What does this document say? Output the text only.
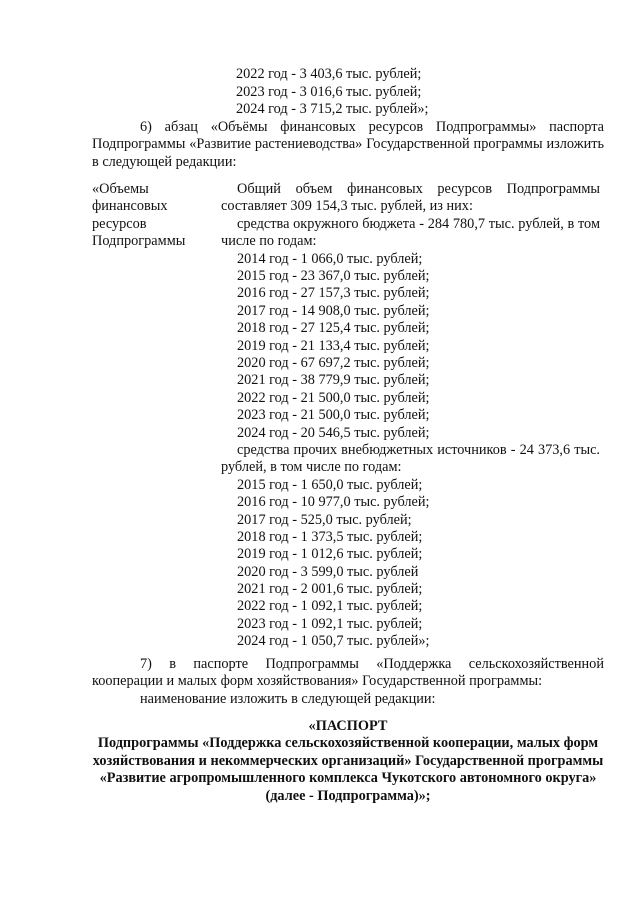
2022 год - 3 403,6 тыс. рублей;
2023 год - 3 016,6 тыс. рублей;
2024 год - 3 715,2 тыс. рублей»;
6) абзац «Объёмы финансовых ресурсов Подпрограммы» паспорта Подпрограммы «Развитие растениеводства» Государственной программы изложить в следующей редакции:
«Объемы
финансовых
ресурсов
Подпрограммы
Общий объем финансовых ресурсов Подпрограммы составляет 309 154,3 тыс. рублей, из них:
средства окружного бюджета - 284 780,7 тыс. рублей, в том числе по годам:
2014 год - 1 066,0 тыс. рублей;
2015 год - 23 367,0 тыс. рублей;
2016 год - 27 157,3 тыс. рублей;
2017 год - 14 908,0 тыс. рублей;
2018 год - 27 125,4 тыс. рублей;
2019 год - 21 133,4 тыс. рублей;
2020 год - 67 697,2 тыс. рублей;
2021 год - 38 779,9 тыс. рублей;
2022 год - 21 500,0 тыс. рублей;
2023 год - 21 500,0 тыс. рублей;
2024 год - 20 546,5 тыс. рублей;
средства прочих внебюджетных источников - 24 373,6 тыс. рублей, в том числе по годам:
2015 год - 1 650,0 тыс. рублей;
2016 год - 10 977,0 тыс. рублей;
2017 год - 525,0 тыс. рублей;
2018 год - 1 373,5 тыс. рублей;
2019 год - 1 012,6 тыс. рублей;
2020 год - 3 599,0 тыс. рублей
2021 год - 2 001,6 тыс. рублей;
2022 год - 1 092,1 тыс. рублей;
2023 год - 1 092,1 тыс. рублей;
2024 год - 1 050,7 тыс. рублей»;
7) в паспорте Подпрограммы «Поддержка сельскохозяйственной кооперации и малых форм хозяйствования» Государственной программы:
наименование изложить в следующей редакции:
«ПАСПОРТ
Подпрограммы «Поддержка сельскохозяйственной кооперации, малых форм хозяйствования и некоммерческих организаций» Государственной программы «Развитие агропромышленного комплекса Чукотского автономного округа» (далее - Подпрограмма)»;
